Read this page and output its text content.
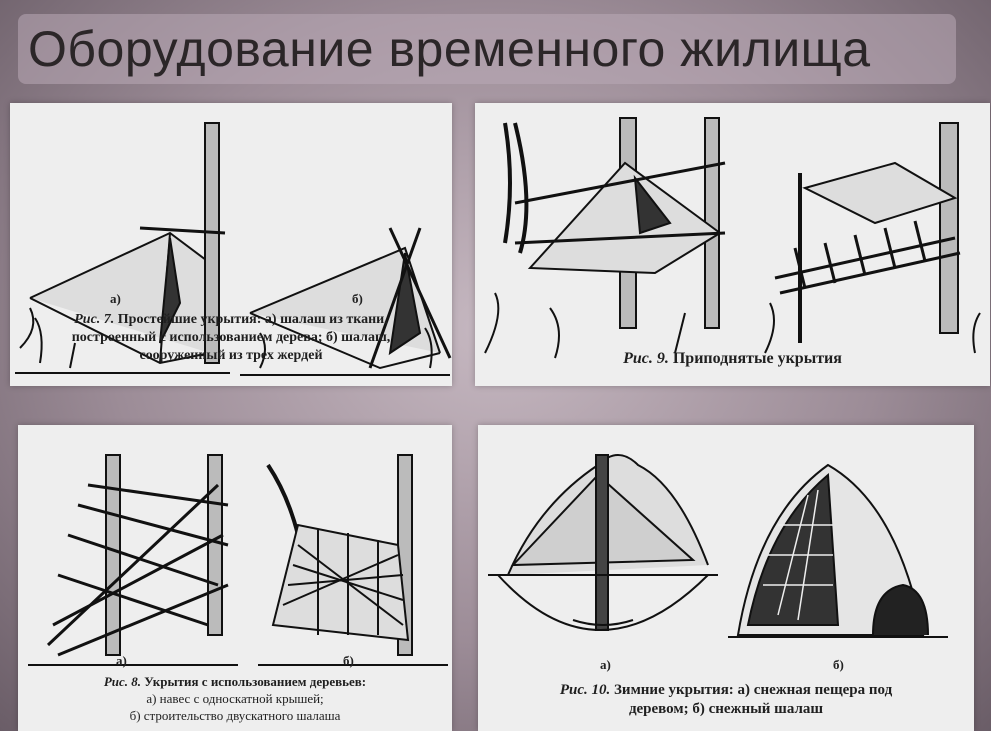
Оборудование временного жилища
а)	б)
Рис. 7. Простейшие укрытия: а) шалаш из ткани,
построенный с использованием дерева; б) шалаш,
сооруженный из трех жердей	Рис. 9. Приподнятые укрытия
а)	б)
Рис. 8. Укрытия с использованием деревьев:
а) навес с односкатной крышей;
б) строительство двускатного шалаша
а)	б)
Рис. 10. Зимние укрытия: а) снежная пещера под
деревом; б) снежный шалаш
